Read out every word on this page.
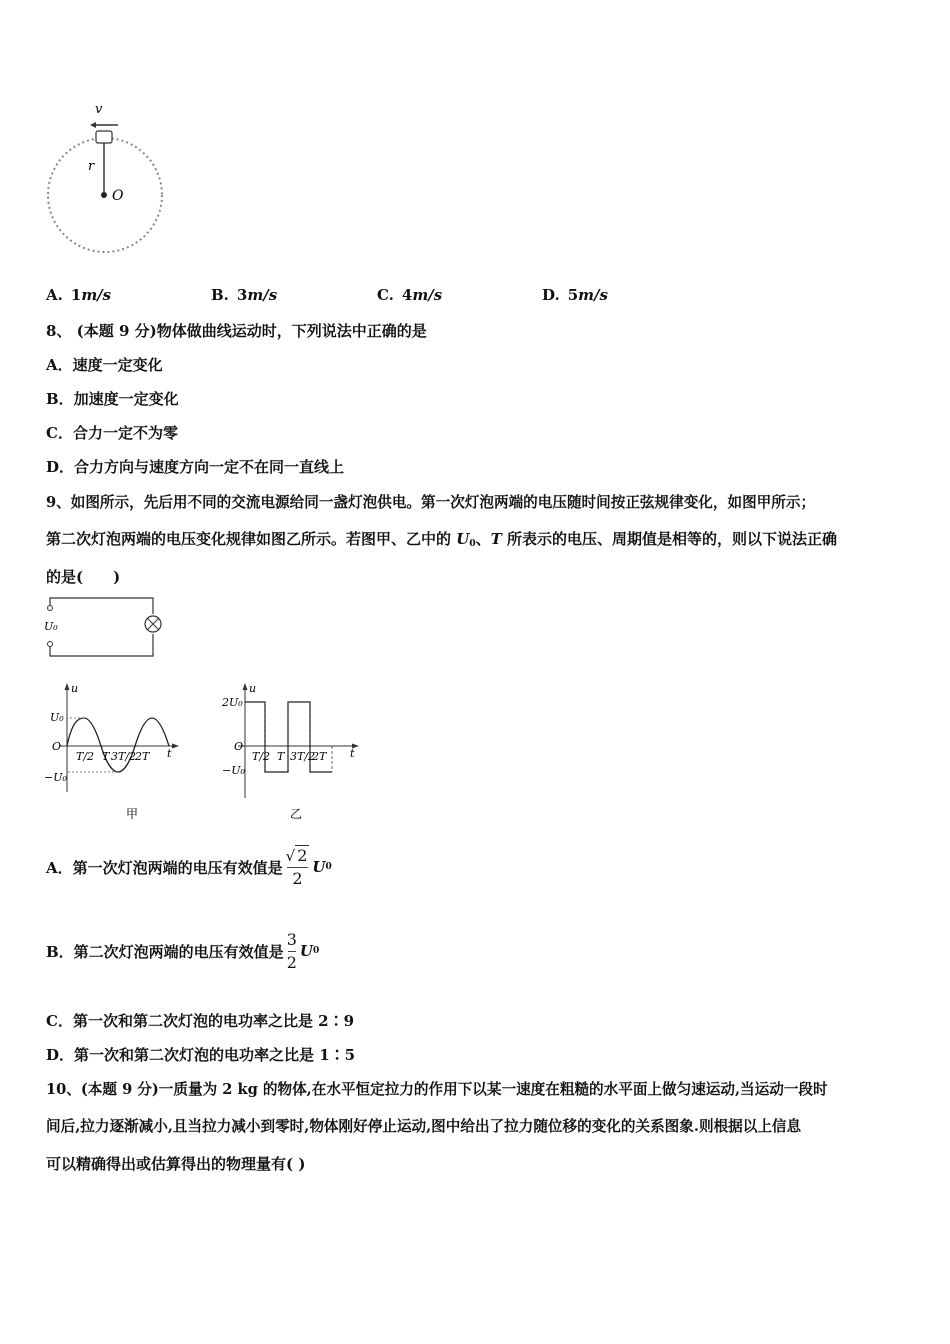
v
r
O
A. 1m/s	B. 3m/s	C. 4m/s	D. 5m/s
8、 (本题 9 分)物体做曲线运动时，下列说法中正确的是
A．速度一定变化
B．加速度一定变化
C．合力一定不为零
D．合力方向与速度方向一定不在同一直线上
9、如图所示，先后用不同的交流电源给同一盏灯泡供电。第一次灯泡两端的电压随时间按正弦规律变化，如图甲所示；
第二次灯泡两端的电压变化规律如图乙所示。若图甲、乙中的 $U_0$、T 所表示的电压、周期值是相等的，则以下说法正确
的是(　　)
U₀
u
t
O
U₀
−U₀
T/2 T 3T/2
2T
甲
u
t
O
2U₀
−U₀
T/2 T 3T/2
2T
乙
A．第一次灯泡两端的电压有效值是 $\frac{√ 2}{2}$ U 0
B．第二次灯泡两端的电压有效值是 $\frac{3}{2}$ U 0
C．第一次和第二次灯泡的电功率之比是 2∶9
D．第一次和第二次灯泡的电功率之比是 1∶5
10、(本题 9 分)一质量为 2 kg 的物体,在水平恒定拉力的作用下以某一速度在粗糙的水平面上做匀速运动,当运动一段时
间后,拉力逐渐减小,且当拉力减小到零时,物体刚好停止运动,图中给出了拉力随位移的变化的关系图象.则根据以上信息
可以精确得出或估算得出的物理量有( )
